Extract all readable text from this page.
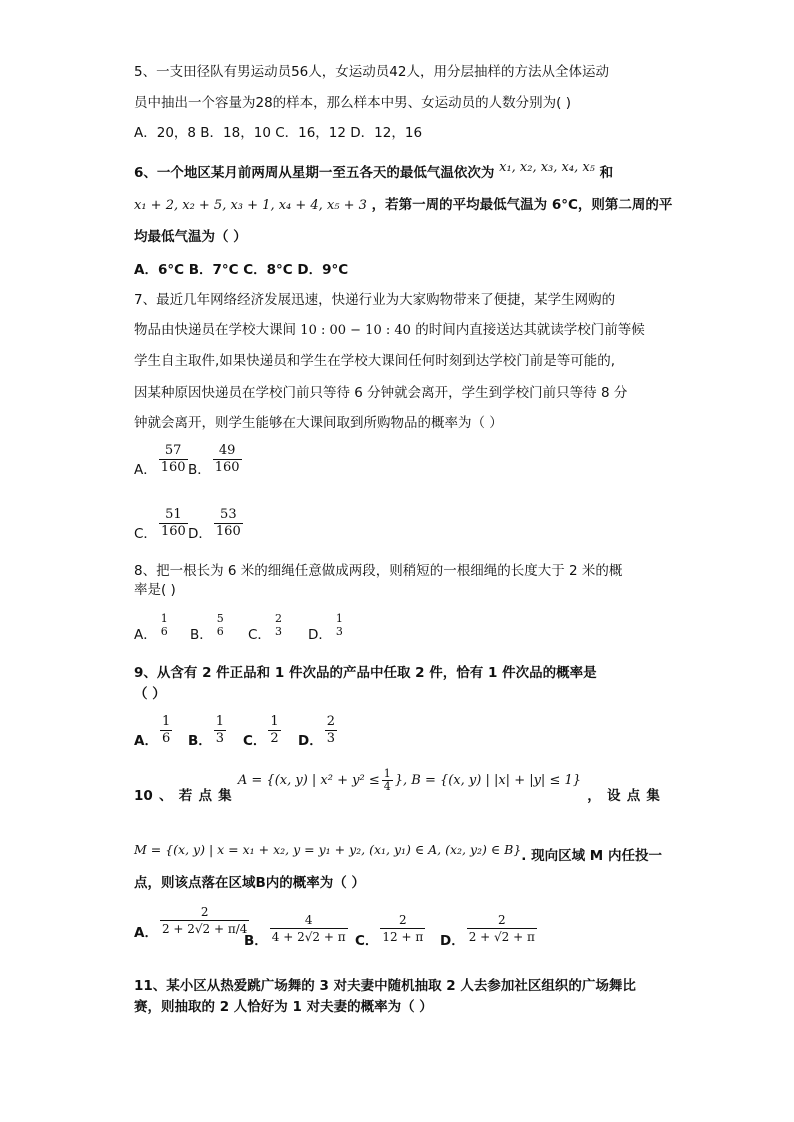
5、一支田径队有男运动员56人，女运动员42人，用分层抽样的方法从全体运动
员中抽出一个容量为28的样本，那么样本中男、女运动员的人数分别为( )
A．20，8 B．18，10 C．16，12 D．12，16
6、一个地区某月前两周从星期一至五各天的最低气温依次为 x₁, x₂, x₃, x₄, x₅ 和
x₁ + 2, x₂ + 5, x₃ + 1, x₄ + 4, x₅ + 3 ，若第一周的平均最低气温为 6°C，则第二周的平
均最低气温为（ ）
A．6°C B．7°C C．8°C D．9°C
7、最近几年网络经济发展迅速，快递行业为大家购物带来了便捷，某学生网购的
物品由快递员在学校大课间 10 : 00 − 10 : 40 的时间内直接送达其就读学校门前等候
学生自主取件,如果快递员和学生在学校大课间任何时刻到达学校门前是等可能的,
因某种原因快递员在学校门前只等待 6 分钟就会离开，学生到学校门前只等待 8 分
钟就会离开，则学生能够在大课间取到所购物品的概率为（ ）
A． $\frac{57}{160}$ B． $\frac{49}{160}$
C． $\frac{51}{160}$ D． $\frac{53}{160}$
8、把一根长为 6 米的细绳任意做成两段，则稍短的一根细绳的长度大于 2 米的概
率是( )
A．
1
6 B．
5
6 C．
2
3 D．
1
3
9、从含有 2 件正品和 1 件次品的产品中任取 2 件，恰有 1 件次品的概率是
（ ）
A． $\frac{1}{6}$ B． $\frac{1}{3}$ C． $\frac{1}{2}$ D． $\frac{2}{3}$
10 、 若 点 集
A = {(x, y) | $x^2 + y^2 \le \frac{1}{4}$ }, B = {(x, y) | |x| + |y| ≤ 1}
， 设 点 集
M = {(x, y) | x = x₁ + x₂, y = y₁ + y₂, (x₁, y₁) ∈ A, (x₂, y₂) ∈ B}. 现向区域 M 内任投一
点，则该点落在区域B内的概率为（ ）
A． $\frac{2}{2 + 2√2 + \pi/4}$
B． $\frac{4}{4 + 2√2 + \pi}$ C． $\frac{2}{12 + \pi}$ D． $\frac{2}{2 + √2 + \pi}$
11、某小区从热爱跳广场舞的 3 对夫妻中随机抽取 2 人去参加社区组织的广场舞比
赛，则抽取的 2 人恰好为 1 对夫妻的概率为（ ）
